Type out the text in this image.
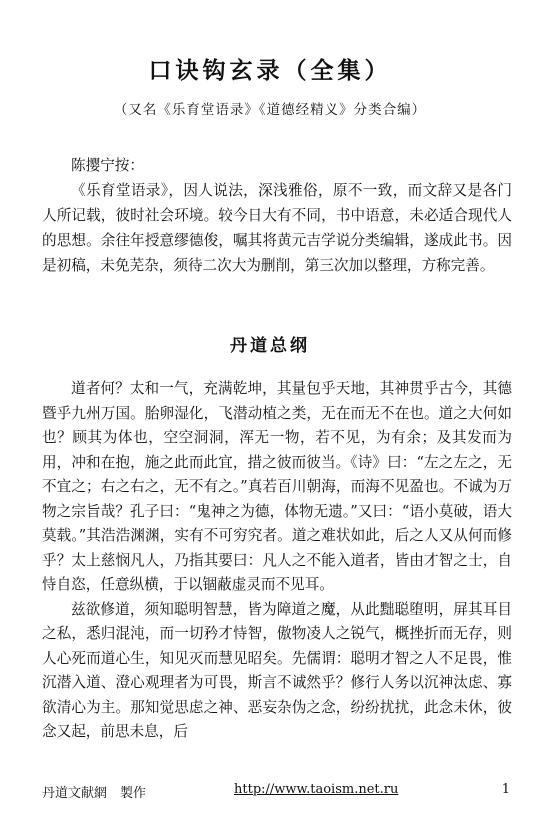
口诀钩玄录（全集）
（又名《乐育堂语录》《道德经精义》分类合编）

陈撄宁按：

《乐育堂语录》，因人说法，深浅雅俗，原不一致，而文辞又是各门人所记载，彼时社会环境。较今日大有不同，书中语意，未必适合现代人的思想。余往年授意缪德俊，嘱其将黄元吉学说分类编辑，遂成此书。因是初稿，未免芜杂，须待二次大为删削，第三次加以整理，方称完善。

丹道总纲

道者何？太和一气，充满乾坤，其量包乎天地，其神贯乎古今，其德暨乎九州万国。胎卵湿化，飞潜动植之类，无在而无不在也。道之大何如也？顾其为体也，空空洞洞，浑无一物，若不见，为有余；及其发而为用，冲和在抱，施之此而此宜，措之彼而彼当。《诗》曰：“左之左之，无不宜之；右之右之，无不有之。”真若百川朝海，而海不见盈也。不诚为万物之宗旨哉？孔子曰：“鬼神之为德，体物无遗。”又曰：“语小莫破，语大莫载。”其浩浩渊渊，实有不可穷究者。道之难状如此，后之人又从何而修乎？太上慈悯凡人，乃指其要曰：凡人之不能入道者，皆由才智之士，自恃自恣，任意纵横，于以锢蔽虚灵而不见耳。

兹欲修道，须知聪明智慧，皆为障道之魔，从此黜聪堕明，屏其耳目之私，悉归混沌，而一切矜才恃智，傲物凌人之锐气，概挫折而无存，则人心死而道心生，知见灭而慧见昭矣。先儒谓：聪明才智之人不足畏，惟沉潜入道、澄心观理者为可畏，斯言不诚然乎？修行人务以沉神汰虑、寡欲清心为主。那知觉思虑之神、恶妄杂伪之念，纷纷扰扰，此念未休，彼念又起，前思未息，后

丹道文献網　製作	http://www.taoism.net.ru	1
